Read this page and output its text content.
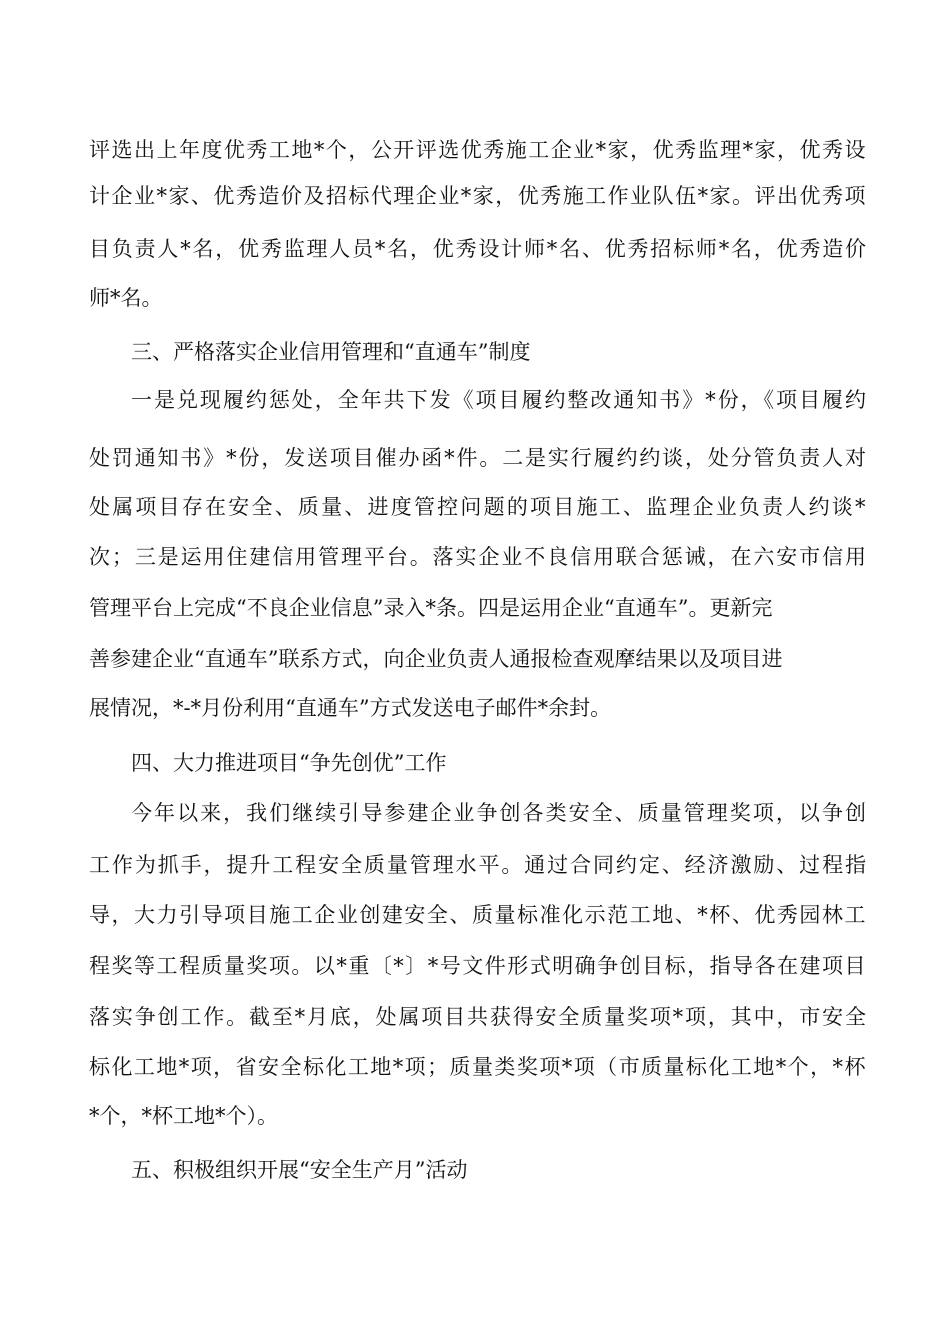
评选出上年度优秀工地*个，公开评选优秀施工企业*家，优秀监理*家，优秀设
计企业*家、优秀造价及招标代理企业*家，优秀施工作业队伍*家。评出优秀项
目负责人*名，优秀监理人员*名，优秀设计师*名、优秀招标师*名，优秀造价
师*名。
三、严格落实企业信用管理和“直通车”制度
一是兑现履约惩处，全年共下发《项目履约整改通知书》*份，《项目履约
处罚通知书》*份，发送项目催办函*件。二是实行履约约谈，处分管负责人对
处属项目存在安全、质量、进度管控问题的项目施工、监理企业负责人约谈*
次；三是运用住建信用管理平台。落实企业不良信用联合惩诫，在六安市信用
管理平台上完成“不良企业信息”录入*条。四是运用企业“直通车”。更新完
善参建企业“直通车”联系方式，向企业负责人通报检查观摩结果以及项目进
展情况，*-*月份利用“直通车”方式发送电子邮件*余封。
四、大力推进项目“争先创优”工作
今年以来，我们继续引导参建企业争创各类安全、质量管理奖项，以争创
工作为抓手，提升工程安全质量管理水平。通过合同约定、经济激励、过程指
导，大力引导项目施工企业创建安全、质量标准化示范工地、*杯、优秀园林工
程奖等工程质量奖项。以*重〔*〕*号文件形式明确争创目标，指导各在建项目
落实争创工作。截至*月底，处属项目共获得安全质量奖项*项，其中，市安全
标化工地*项，省安全标化工地*项；质量类奖项*项（市质量标化工地*个，*杯
*个，*杯工地*个）。
五、积极组织开展“安全生产月”活动
